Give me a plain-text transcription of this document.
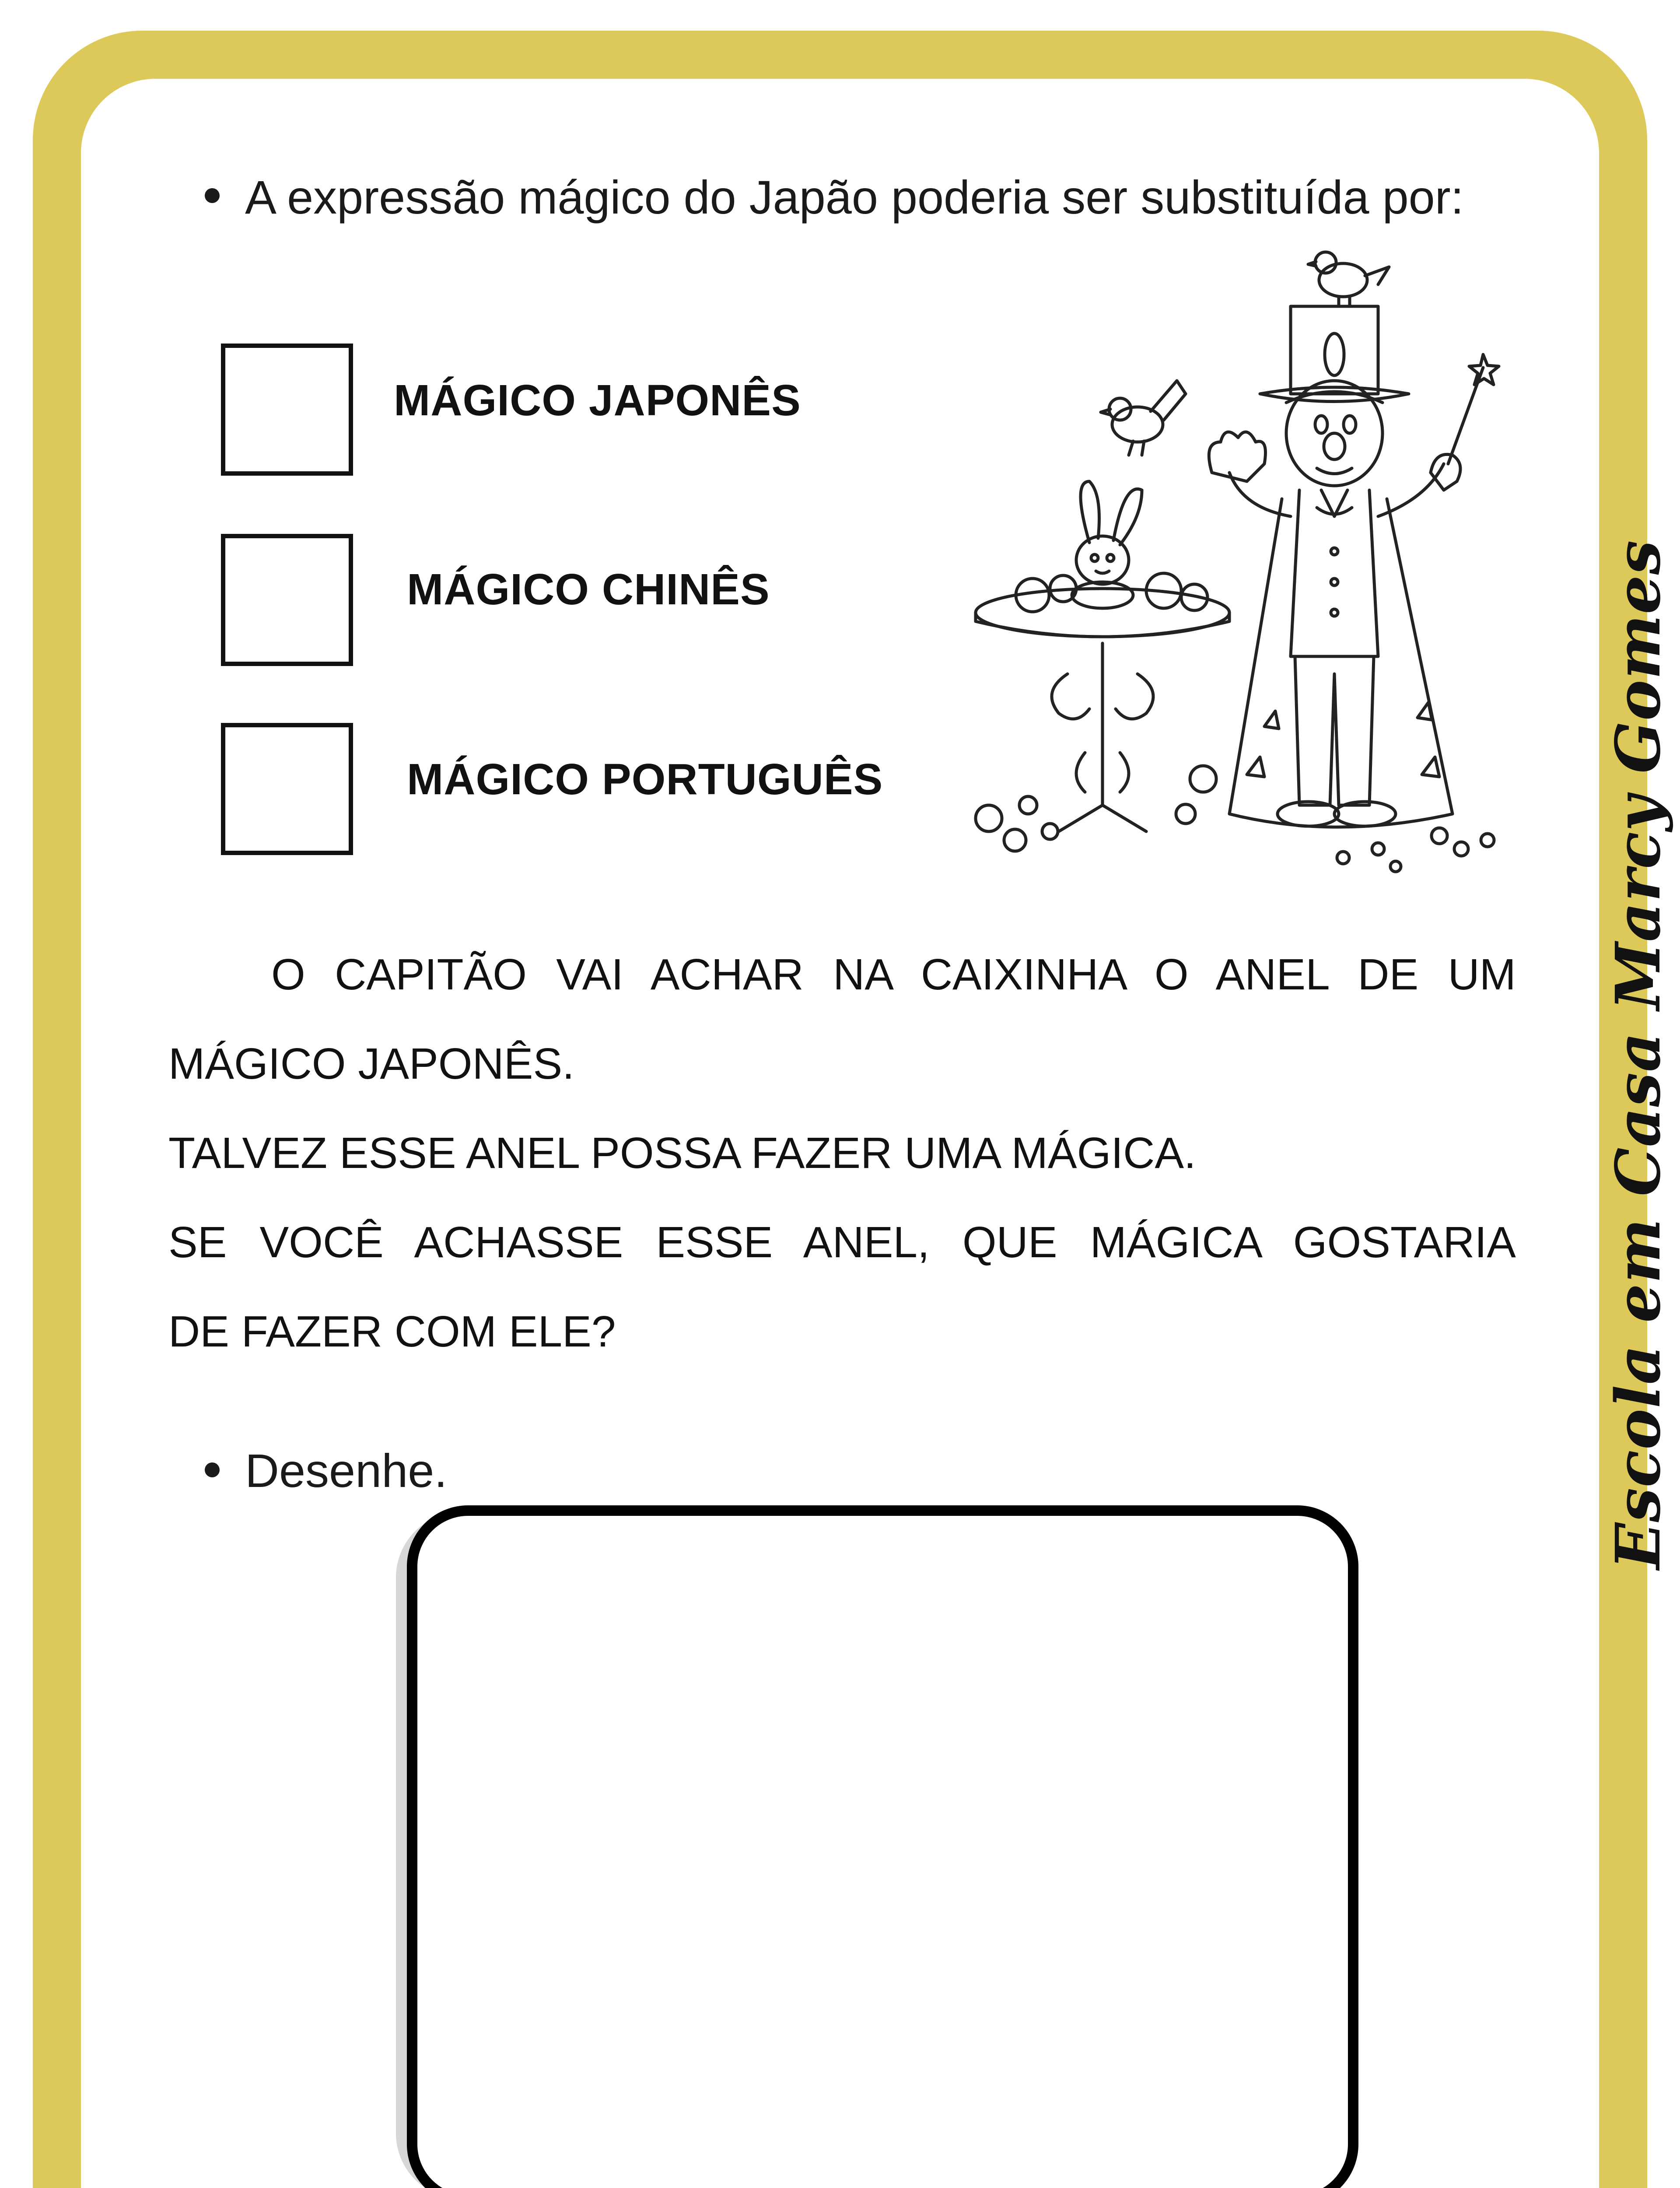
A expressão mágico do Japão poderia ser substituída por:
MÁGICO JAPONÊS
MÁGICO CHINÊS
MÁGICO PORTUGUÊS
O CAPITÃO VAI ACHAR NA CAIXINHA O ANEL DE UM
MÁGICO JAPONÊS.
TALVEZ ESSE ANEL POSSA FAZER UMA MÁGICA.
SE VOCÊ ACHASSE ESSE ANEL, QUE MÁGICA GOSTARIA
DE FAZER COM ELE?
Desenhe.	Escola em Casa Marcy Gomes
